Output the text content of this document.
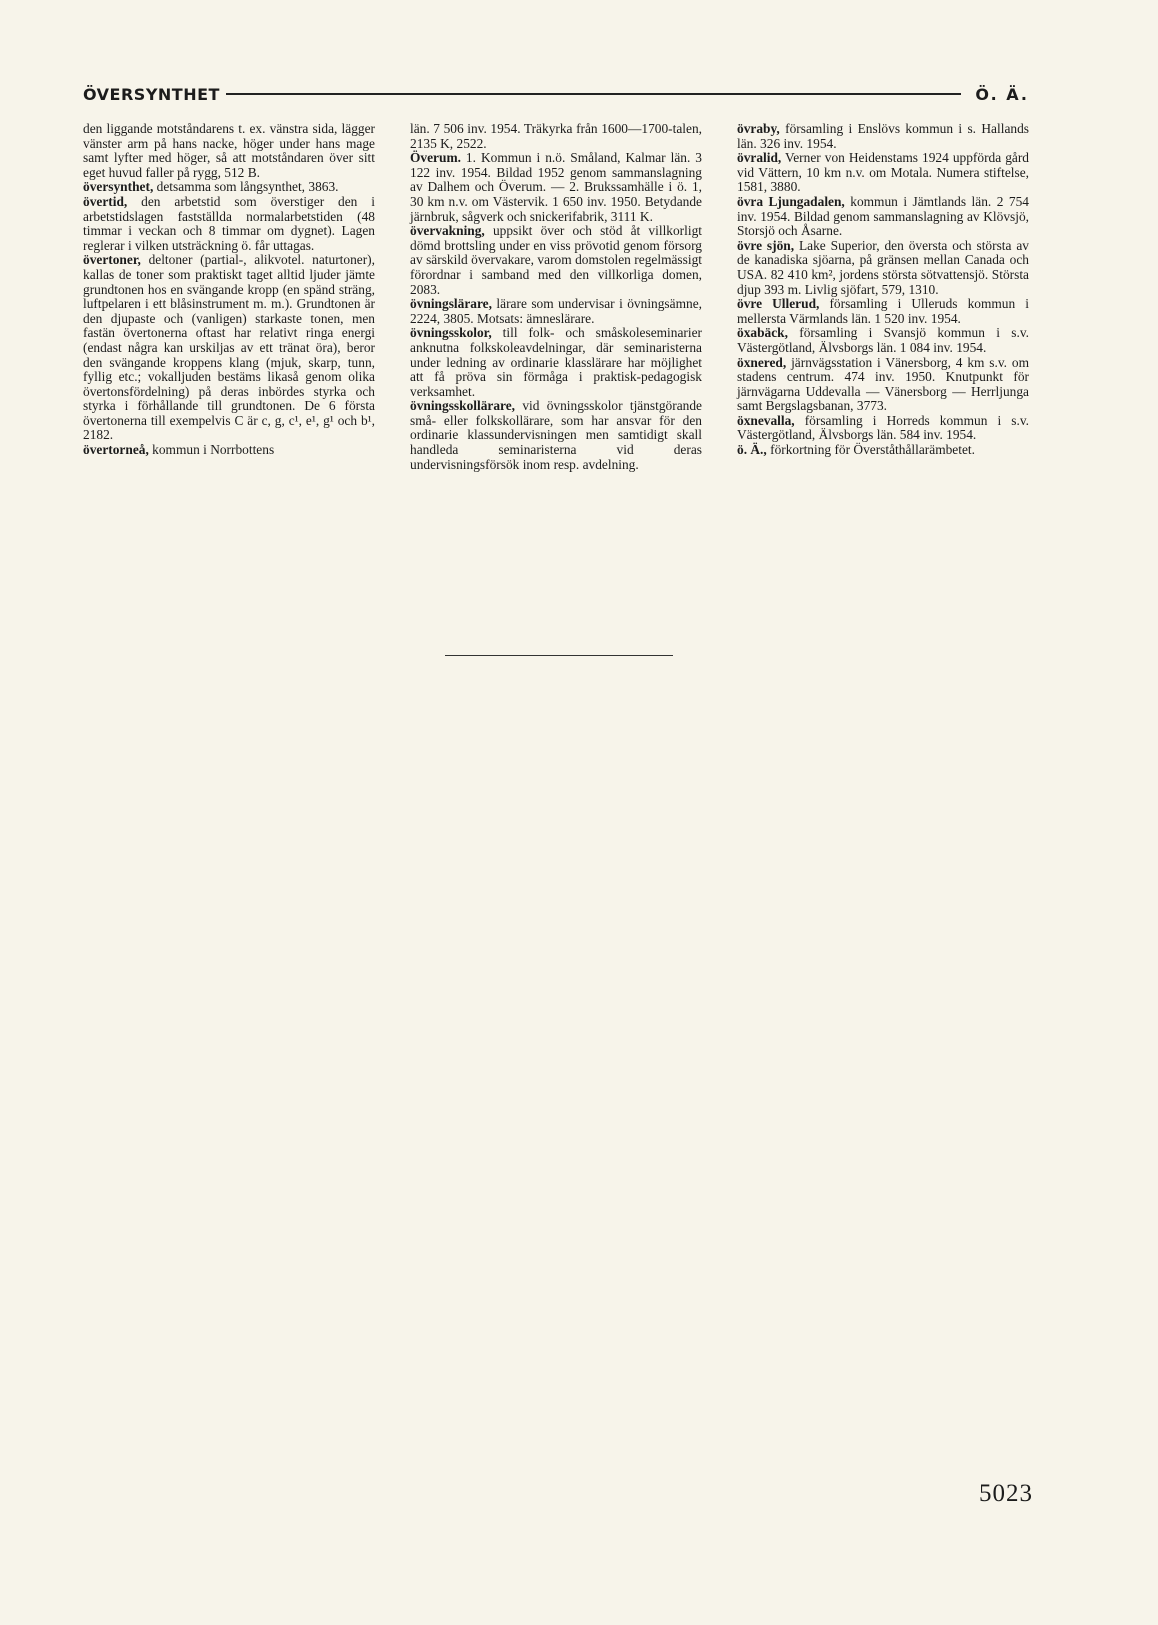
ÖVERSYNTHET	Ö. Ä.

den liggande motståndarens t. ex. vänstra sida, lägger vänster arm på hans nacke, höger under hans mage samt lyfter med höger, så att motståndaren över sitt eget huvud faller på rygg, 512 B.

översynthet, detsamma som långsynthet, 3863.

övertid, den arbetstid som överstiger den i arbetstidslagen fastställda normalarbetstiden (48 timmar i veckan och 8 timmar om dygnet). Lagen reglerar i vilken utsträckning ö. får uttagas.

övertoner, deltoner (partial-, alikvotel. naturtoner), kallas de toner som praktiskt taget alltid ljuder jämte grundtonen hos en svängande kropp (en spänd sträng, luftpelaren i ett blåsinstrument m. m.). Grundtonen är den djupaste och (vanligen) starkaste tonen, men fastän övertonerna oftast har relativt ringa energi (endast några kan urskiljas av ett tränat öra), beror den svängande kroppens klang (mjuk, skarp, tunn, fyllig etc.; vokalljuden bestäms likaså genom olika övertonsfördelning) på deras inbördes styrka och styrka i förhållande till grundtonen. De 6 första övertonerna till exempelvis C är c, g, c¹, e¹, g¹ och b¹, 2182.

övertorneå, kommun i Norrbottens

län. 7 506 inv. 1954. Träkyrka från 1600—1700-talen, 2135 K, 2522.

Överum. 1. Kommun i n.ö. Småland, Kalmar län. 3 122 inv. 1954. Bildad 1952 genom sammanslagning av Dalhem och Överum. — 2. Brukssamhälle i ö. 1, 30 km n.v. om Västervik. 1 650 inv. 1950. Betydande järnbruk, sågverk och snickerifabrik, 3111 K.

övervakning, uppsikt över och stöd åt villkorligt dömd brottsling under en viss prövotid genom försorg av särskild övervakare, varom domstolen regelmässigt förordnar i samband med den villkorliga domen, 2083.

övningslärare, lärare som undervisar i övningsämne, 2224, 3805. Motsats: ämneslärare.

övningsskolor, till folk- och småskoleseminarier anknutna folkskoleavdelningar, där seminaristerna under ledning av ordinarie klasslärare har möjlighet att få pröva sin förmåga i praktisk-pedagogisk verksamhet.

övningsskollärare, vid övningsskolor tjänstgörande små- eller folkskollärare, som har ansvar för den ordinarie klassundervisningen men samtidigt skall handleda seminaristerna vid deras undervisningsförsök inom resp. avdelning.

övraby, församling i Enslövs kommun i s. Hallands län. 326 inv. 1954.

övralid, Verner von Heidenstams 1924 uppförda gård vid Vättern, 10 km n.v. om Motala. Numera stiftelse, 1581, 3880.

övra Ljungadalen, kommun i Jämtlands län. 2 754 inv. 1954. Bildad genom sammanslagning av Klövsjö, Storsjö och Åsarne.

övre sjön, Lake Superior, den översta och största av de kanadiska sjöarna, på gränsen mellan Canada och USA. 82 410 km², jordens största sötvattensjö. Största djup 393 m. Livlig sjöfart, 579, 1310.

övre Ullerud, församling i Ulleruds kommun i mellersta Värmlands län. 1 520 inv. 1954.

öxabäck, församling i Svansjö kommun i s.v. Västergötland, Älvsborgs län. 1 084 inv. 1954.

öxnered, järnvägsstation i Vänersborg, 4 km s.v. om stadens centrum. 474 inv. 1950. Knutpunkt för järnvägarna Uddevalla — Vänersborg — Herrljunga samt Bergslagsbanan, 3773.

öxnevalla, församling i Horreds kommun i s.v. Västergötland, Älvsborgs län. 584 inv. 1954.

ö. Ä., förkortning för Överståthållarämbetet.

5023
